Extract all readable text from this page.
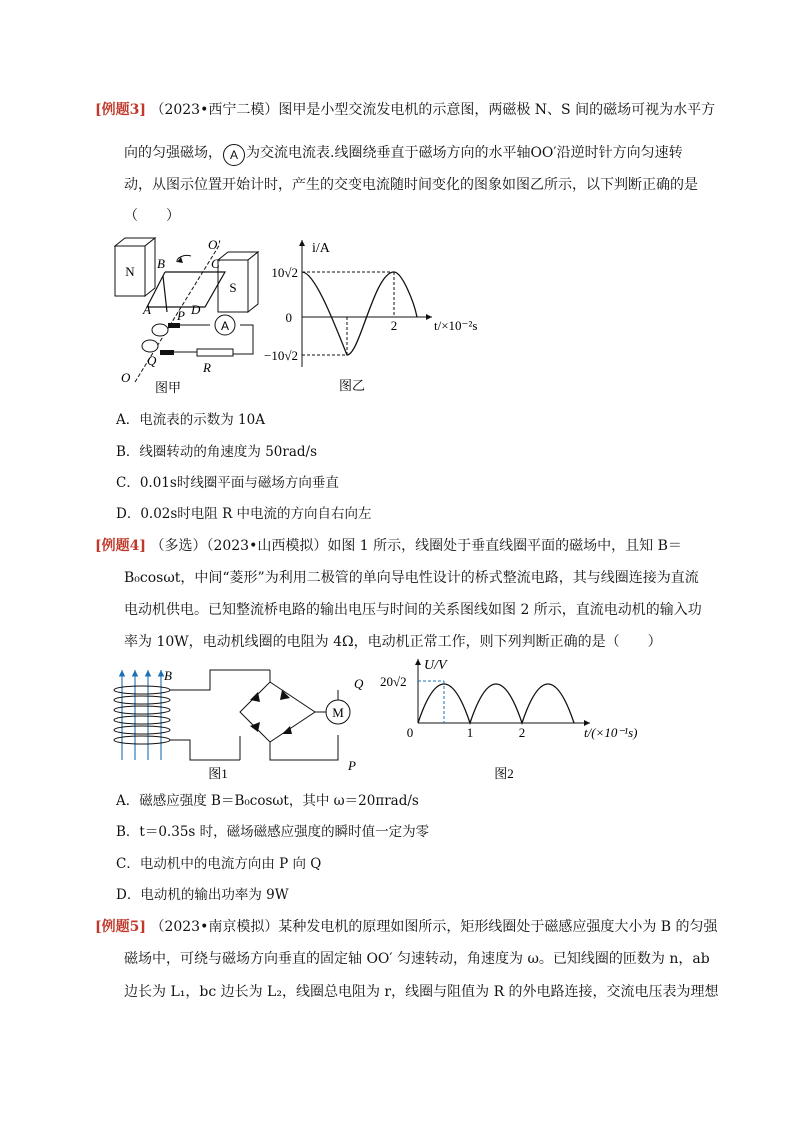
[例题3] （2023•西宁二模）图甲是小型交流发电机的示意图，两磁极 N、S 间的磁场可视为水平方
向的匀强磁场， A 为交流电流表.线圈绕垂直于磁场方向的水平轴OO′沿逆时针方向匀速转
动，从图示位置开始计时，产生的交变电流随时间变化的图象如图乙所示，以下判断正确的是
（　　）
N
S
A
B	C
O′
A P D
Q	R
O
图甲
i/A
t/×10⁻²s
10√2
−10√2
0
2
图乙
A．电流表的示数为 10A
B．线圈转动的角速度为 50rad/s
C．0.01s时线圈平面与磁场方向垂直
D．0.02s时电阻 R 中电流的方向自右向左
[例题4] （多选）（2023•山西模拟）如图 1 所示，线圈处于垂直线圈平面的磁场中，且知 B＝
B₀cosωt，中间“菱形”为利用二极管的单向导电性设计的桥式整流电路，其与线圈连接为直流
电动机供电。已知整流桥电路的输出电压与时间的关系图线如图 2 所示，直流电动机的输入功
率为 10W，电动机线圈的电阻为 4Ω，电动机正常工作，则下列判断正确的是（　　）
B
M
Q
P
图1
U/V
20√2
0	1	2	t/(×10⁻¹s)
图2
A．磁感应强度 B＝B₀cosωt，其中 ω＝20πrad/s
B．t＝0.35s 时，磁场磁感应强度的瞬时值一定为零
C．电动机中的电流方向由 P 向 Q
D．电动机的输出功率为 9W
[例题5] （2023•南京模拟）某种发电机的原理如图所示，矩形线圈处于磁感应强度大小为 B 的匀强
磁场中，可绕与磁场方向垂直的固定轴 OO′ 匀速转动，角速度为 ω。已知线圈的匝数为 n，ab
边长为 L₁，bc 边长为 L₂，线圈总电阻为 r，线圈与阻值为 R 的外电路连接，交流电压表为理想
